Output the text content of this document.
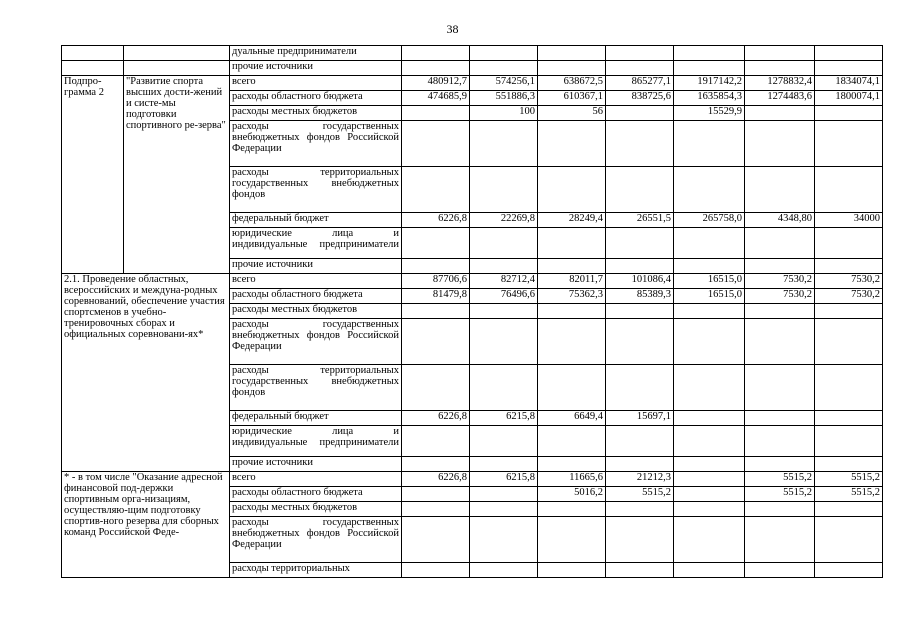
38
		дуальные предприниматели							
		прочие источники							
Подпро-грамма 2	"Развитие спорта высших дости-жений и систе-мы подготовки спортивного ре-зерва"	всего	480912,7	574256,1	638672,5	865277,1	1917142,2	1278832,4	1834074,1
		расходы областного бюджета	474685,9	551886,3	610367,1	838725,6	1635854,3	1274483,6	1800074,1
		расходы местных бюджетов		100	56		15529,9		
		расходы государственных внебюджетных фондов Российской Федерации							
		расходы территориальных государственных внебюджетных фондов							
		федеральный бюджет	6226,8	22269,8	28249,4	26551,5	265758,0	4348,80	34000
		юридические лица и индивидуальные предприниматели							
		прочие источники							
2.1. Проведение областных, всероссийских и междуна-родных соревнований, обеспечение участия спортсменов в учебно-тренировочных сборах и официальных соревновани-ях*		всего	87706,6	82712,4	82011,7	101086,4	16515,0	7530,2	7530,2
		расходы областного бюджета	81479,8	76496,6	75362,3	85389,3	16515,0	7530,2	7530,2
		расходы местных бюджетов							
		расходы государственных внебюджетных фондов Российской Федерации							
		расходы территориальных государственных внебюджетных фондов							
		федеральный бюджет	6226,8	6215,8	6649,4	15697,1			
		юридические лица и индивидуальные предприниматели							
		прочие источники							
* - в том числе "Оказание адресной финансовой под-держки спортивным орга-низациям, осуществляю-щим подготовку спортив-ного резерва для сборных команд Российской Феде-		всего	6226,8	6215,8	11665,6	21212,3		5515,2	5515,2
		расходы областного бюджета			5016,2	5515,2		5515,2	5515,2
		расходы местных бюджетов							
		расходы государственных внебюджетных фондов Российской Федерации							
		расходы территориальных							
